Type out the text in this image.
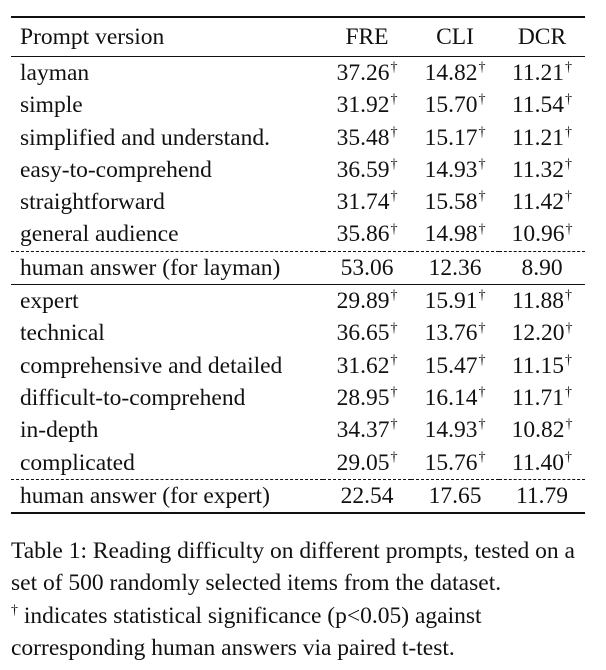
Prompt version	FRE	CLI	DCR
layman	37.26†	14.82†	11.21†
simple	31.92†	15.70†	11.54†
simplified and understand.	35.48†	15.17†	11.21†
easy-to-comprehend	36.59†	14.93†	11.32†
straightforward	31.74†	15.58†	11.42†
general audience	35.86†	14.98†	10.96†
human answer (for layman)	53.06	12.36	8.90
expert	29.89†	15.91†	11.88†
technical	36.65†	13.76†	12.20†
comprehensive and detailed	31.62†	15.47†	11.15†
difficult-to-comprehend	28.95†	16.14†	11.71†
in-depth	34.37†	14.93†	10.82†
complicated	29.05†	15.76†	11.40†
human answer (for expert)	22.54	17.65	11.79

Table 1: Reading difficulty on different prompts, tested on a set of 500 randomly selected items from the dataset.
† indicates statistical significance (p<0.05) against corresponding human answers via paired t-test.
